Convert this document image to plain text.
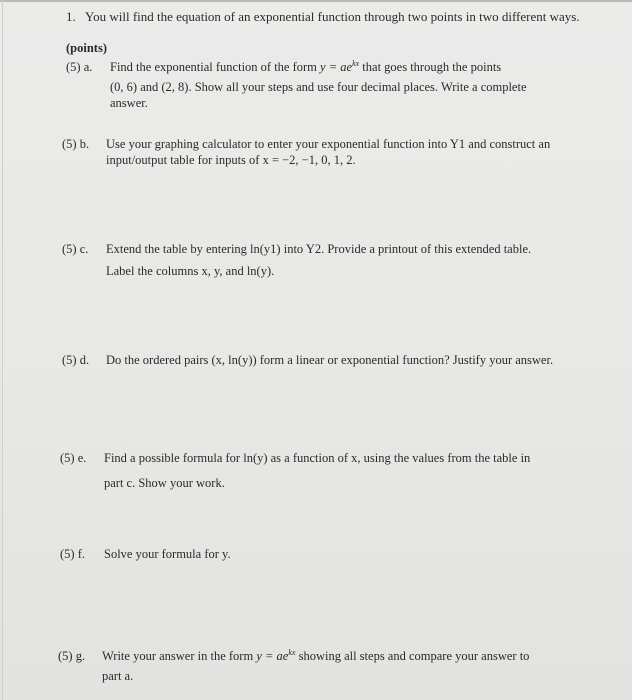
1. You will find the equation of an exponential function through two points in two different ways.
(points)
(5) a. Find the exponential function of the form $y = ae^{kx}$ that goes through the points
(0, 6) and (2, 8). Show all your steps and use four decimal places. Write a complete
answer.
(5) b. Use your graphing calculator to enter your exponential function into Y1 and construct an
input/output table for inputs of x = −2, −1, 0, 1, 2.
(5) c. Extend the table by entering ln(y1) into Y2. Provide a printout of this extended table.
Label the columns x, y, and ln(y).
(5) d. Do the ordered pairs (x, ln(y)) form a linear or exponential function? Justify your answer.
(5) e. Find a possible formula for ln(y) as a function of x, using the values from the table in
part c. Show your work.
(5) f. Solve your formula for y.
(5) g. Write your answer in the form $y = ae^{kx}$ showing all steps and compare your answer to
part a.
